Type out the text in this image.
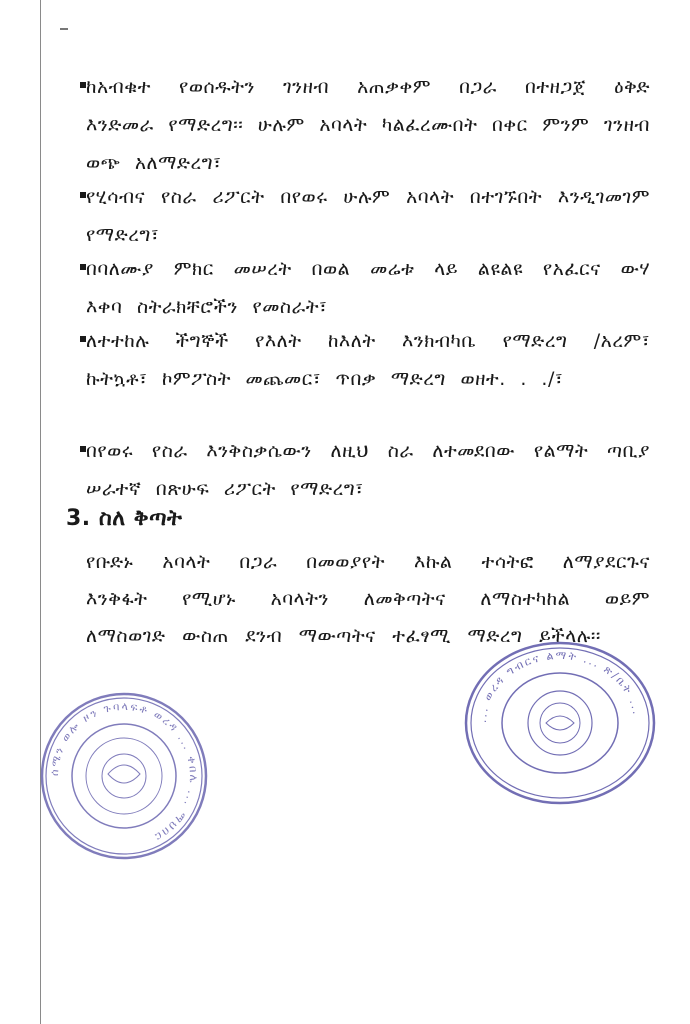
ከአብቁተ የወሰዱትን ገንዘብ አጠቃቀም በጋራ በተዘጋጀ ዕቅድ እንድመራ የማድረግ፡፡ ሁሉም አባላት ካልፈረሙበት በቀር ምንም ገንዘብ ወጭ አለማድረግ፣

የሂሳብና የስራ ሪፖርት በየወሩ ሁሉም አባላት በተገኙበት እንዲገመገም የማድረግ፣

በባለሙያ ምክር መሠረት በወል መሬቱ ላይ ልዩልዩ የአፈርና ውሃ እቀባ ስትራክቸሮችን የመስራት፣

ለተተከሉ ችግኞች የእለት ከእለት እንክብካቤ የማድረግ /አረም፣ ኩትኳቶ፣ ኮምፖስት መጨመር፣ ጥበቃ ማድረግ ወዘተ. . ./፣

በየወሩ የስራ እንቅስቃሴውን ለዚህ ስራ ለተመደበው የልማት ጣቢያ ሠራተኛ በጽሁፍ ሪፖርት የማድረግ፣

3. ስለ ቅጣት

የቡድኑ አባላት በጋራ በመወያየት እኩል ተሳትፎ ለማያደርጉና እንቅፋት የሚሆኑ አባላትን ለመቅጣትና ለማስተካከል ወይም ለማስወገድ ውስጠ ደንብ ማውጣትና ተፈፃሚ ማድረግ ይችላሉ፡፡

ሰሜን ወሎ ዞን ጉባላፍቶ ወረዳ ... ቀበሌ ... ማህበር
... ወረዳ ግብርና ልማት ... ጽ/ቤት ...
